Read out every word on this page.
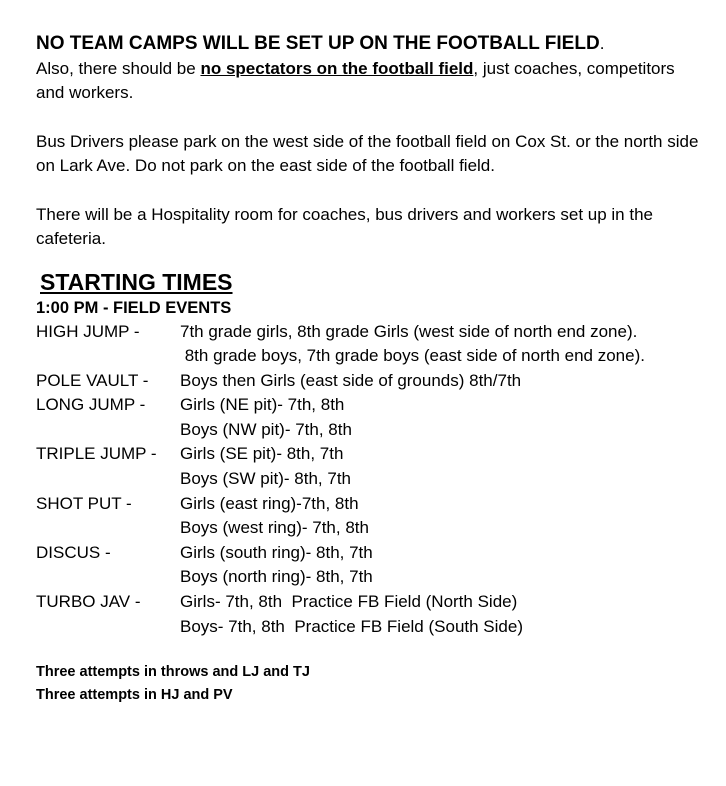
NO TEAM CAMPS WILL BE SET UP ON THE FOOTBALL FIELD.
Also, there should be no spectators on the football field, just coaches, competitors and workers.

Bus Drivers please park on the west side of the football field on Cox St. or the north side on Lark Ave. Do not park on the east side of the football field.

There will be a Hospitality room for coaches, bus drivers and workers set up in the cafeteria.

STARTING TIMES

1:00 PM - FIELD EVENTS

HIGH JUMP -	7th grade girls, 8th grade Girls (west side of north end zone).
8th grade boys, 7th grade boys (east side of north end zone).
POLE VAULT -	Boys then Girls (east side of grounds) 8th/7th
LONG JUMP -	Girls (NE pit)- 7th, 8th
Boys (NW pit)- 7th, 8th
TRIPLE JUMP -	Girls (SE pit)- 8th, 7th
Boys (SW pit)- 8th, 7th
SHOT PUT -	Girls (east ring)-7th, 8th
Boys (west ring)- 7th, 8th
DISCUS -	Girls (south ring)- 8th, 7th
Boys (north ring)- 8th, 7th
TURBO JAV -	Girls- 7th, 8th  Practice FB Field (North Side)
Boys- 7th, 8th  Practice FB Field (South Side)

Three attempts in throws and LJ and TJ

Three attempts in HJ and PV
